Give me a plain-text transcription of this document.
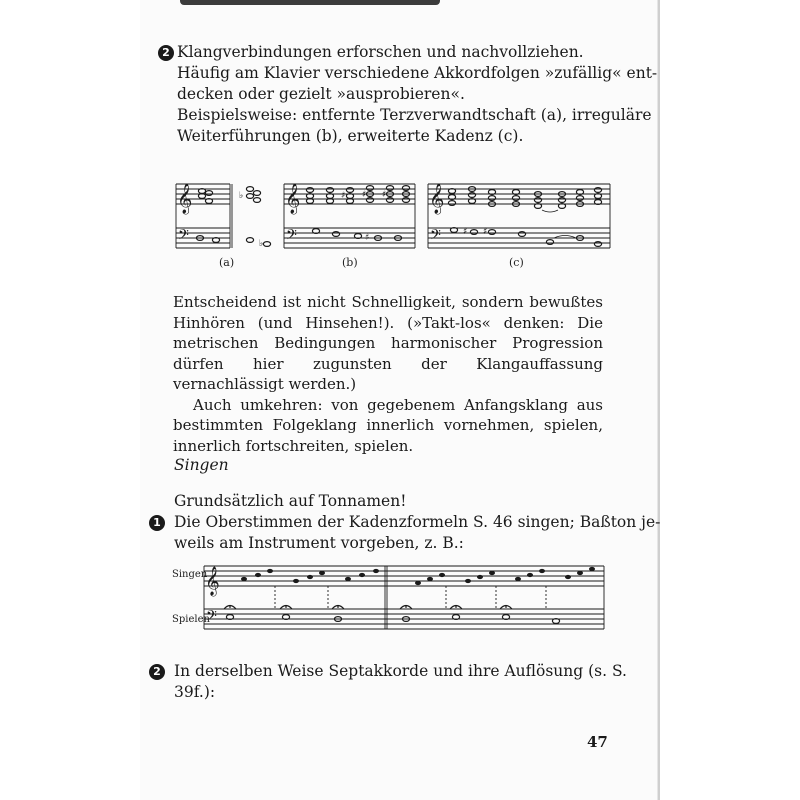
2 Klangverbindungen erforschen und nachvollziehen.
Häufig am Klavier verschiedene Akkordfolgen »zufällig« ent-
decken oder gezielt »ausprobieren«.
Beispielsweise: entfernte Terzverwandtschaft (a), irreguläre
Weiterführungen (b), erweiterte Kadenz (c).
𝄞
𝄢
𝄞
𝄢
𝄞
𝄢
♭
♭
♯ ♯ ♯
♯
♯ ♯
(a)	(b)	(c)

Entscheidend ist nicht Schnelligkeit, sondern bewußtes Hinhören (und Hinsehen!). (»Takt-los« denken: Die metrischen Bedingungen harmonischer Progression dürfen hier zugunsten der Klangauffassung vernachlässigt werden.)

Auch umkehren: von gegebenem Anfangsklang aus bestimmten Folgeklang innerlich vornehmen, spielen, innerlich fortschreiten, spielen.

Singen
Grundsätzlich auf Tonnamen!
1 Die Oberstimmen der Kadenzformeln S. 46 singen; Baßton je-
weils am Instrument vorgeben, z. B.:
Singen
Spielen
𝄞
𝄢
2 In derselben Weise Septakkorde und ihre Auflösung (s. S.
39f.):
47
